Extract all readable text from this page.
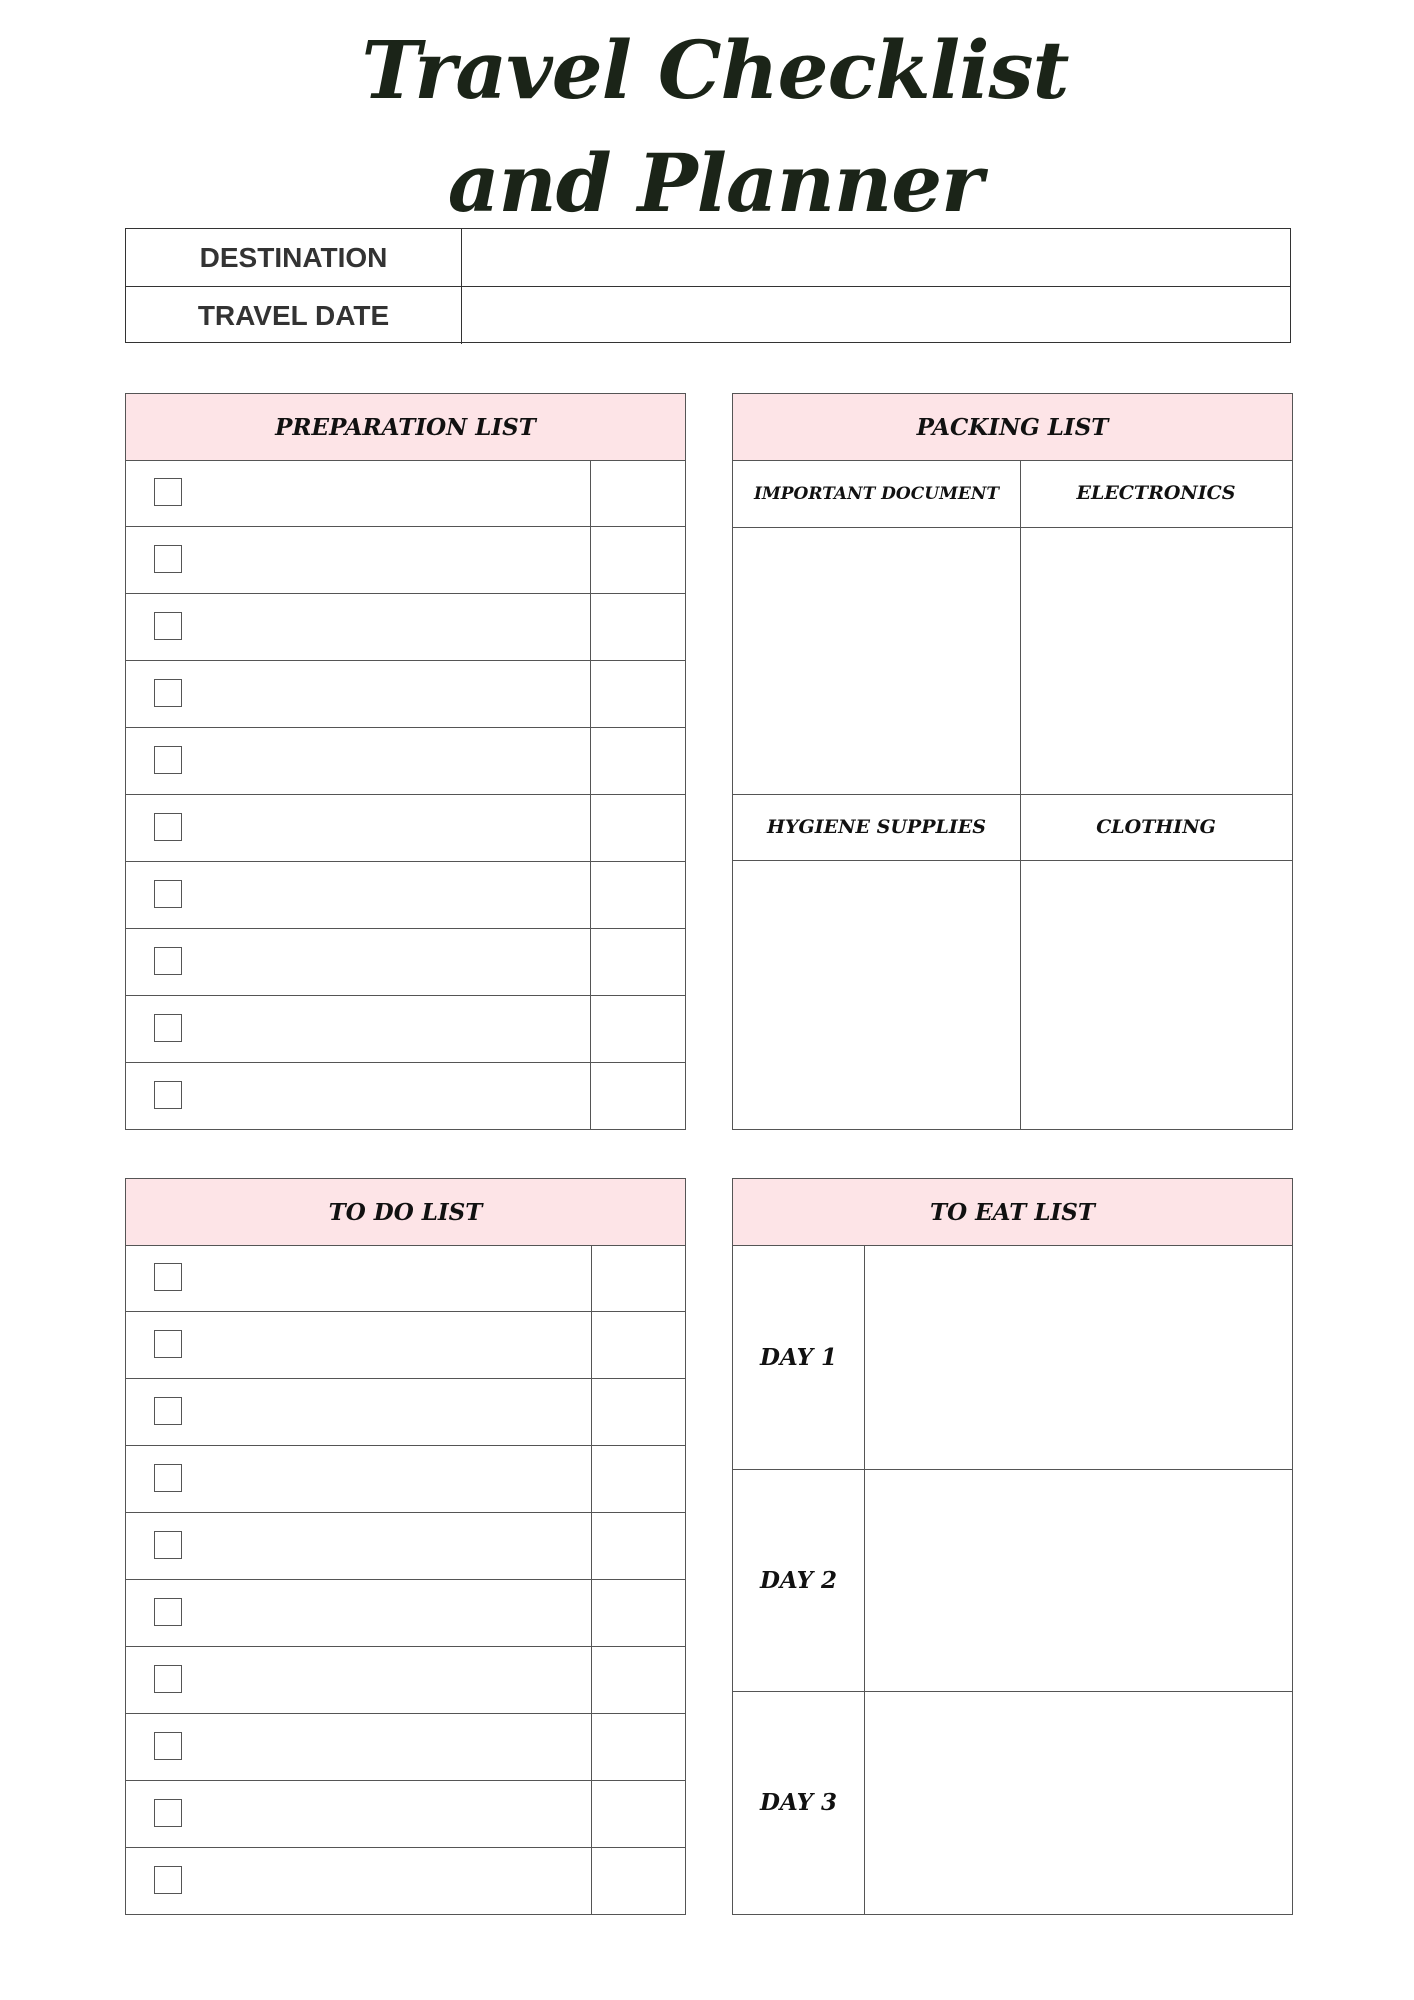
Travel Checklist
and Planner
DESTINATION
TRAVEL DATE
PREPARATION LIST	PACKING LIST
IMPORTANT DOCUMENT	ELECTRONICS
HYGIENE SUPPLIES	CLOTHING
TO DO LIST	TO EAT LIST
DAY 1
DAY 2
DAY 3
